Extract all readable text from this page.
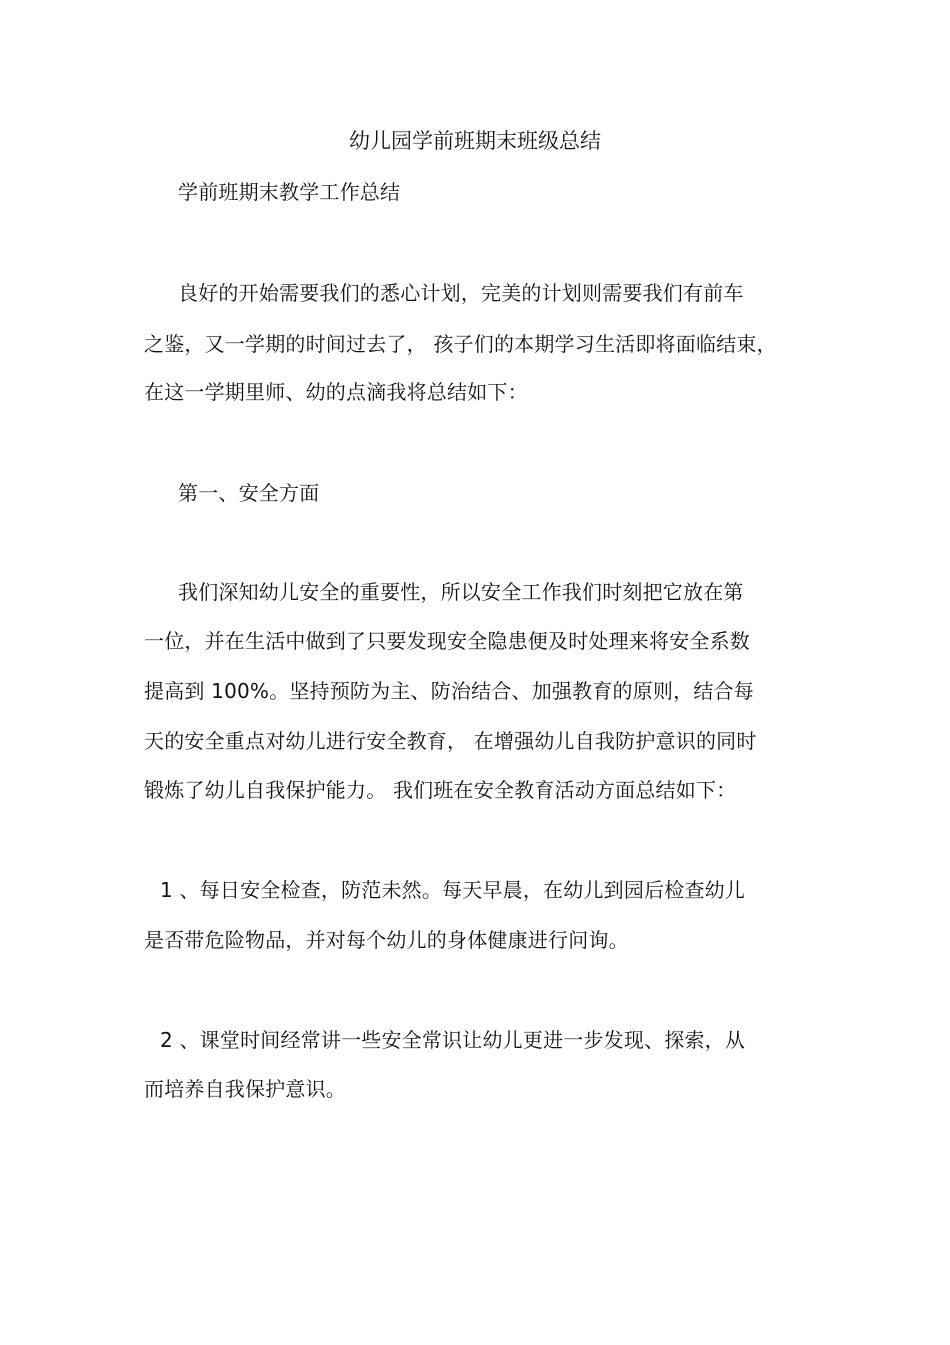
幼儿园学前班期末班级总结
学前班期末教学工作总结
良好的开始需要我们的悉心计划，完美的计划则需要我们有前车
之鉴，又一学期的时间过去了， 孩子们的本期学习生活即将面临结束，
在这一学期里师、幼的点滴我将总结如下：
第一、安全方面
我们深知幼儿安全的重要性，所以安全工作我们时刻把它放在第
一位，并在生活中做到了只要发现安全隐患便及时处理来将安全系数
提高到 100%。坚持预防为主、防治结合、加强教育的原则，结合每
天的安全重点对幼儿进行安全教育， 在增强幼儿自我防护意识的同时
锻炼了幼儿自我保护能力。 我们班在安全教育活动方面总结如下：
1 、每日安全检查，防范未然。每天早晨，在幼儿到园后检查幼儿
是否带危险物品，并对每个幼儿的身体健康进行问询。
2 、课堂时间经常讲一些安全常识让幼儿更进一步发现、探索，从
而培养自我保护意识。
